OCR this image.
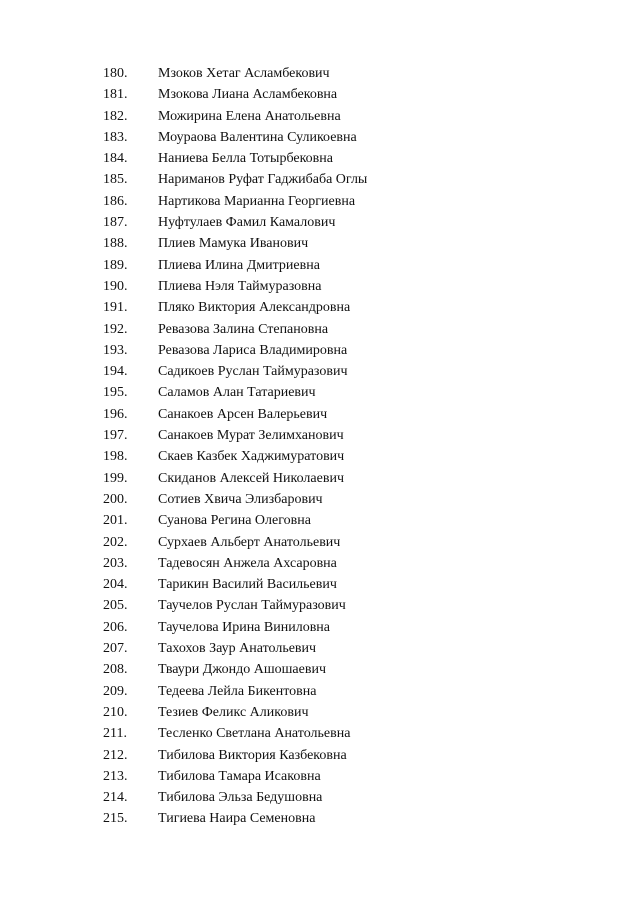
180.	Мзоков Хетаг Асламбекович
181.	Мзокова Лиана Асламбековна
182.	Можирина Елена Анатольевна
183.	Моураова Валентина Суликоевна
184.	Наниева Белла Тотырбековна
185.	Нариманов Руфат Гаджибаба Оглы
186.	Нартикова Марианна Георгиевна
187.	Нуфтулаев Фамил Камалович
188.	Плиев Мамука Иванович
189.	Плиева Илина Дмитриевна
190.	Плиева Нэля Таймуразовна
191.	Пляко Виктория Александровна
192.	Ревазова Залина Степановна
193.	Ревазова Лариса Владимировна
194.	Садикоев Руслан Таймуразович
195.	Саламов Алан Татариевич
196.	Санакоев Арсен Валерьевич
197.	Санакоев Мурат Зелимханович
198.	Скаев Казбек Хаджимуратович
199.	Скиданов Алексей Николаевич
200.	Сотиев Хвича Элизбарович
201.	Суанова Регина Олеговна
202.	Сурхаев Альберт Анатольевич
203.	Тадевосян Анжела Ахсаровна
204.	Тарикин Василий Васильевич
205.	Таучелов Руслан Таймуразович
206.	Таучелова Ирина Виниловна
207.	Тахохов Заур Анатольевич
208.	Тваури Джондо Ашошаевич
209.	Тедеева Лейла Бикентовна
210.	Тезиев Феликс Аликович
211.	Тесленко Светлана Анатольевна
212.	Тибилова Виктория Казбековна
213.	Тибилова Тамара Исаковна
214.	Тибилова Эльза Бедушовна
215.	Тигиева Наира Семеновна
